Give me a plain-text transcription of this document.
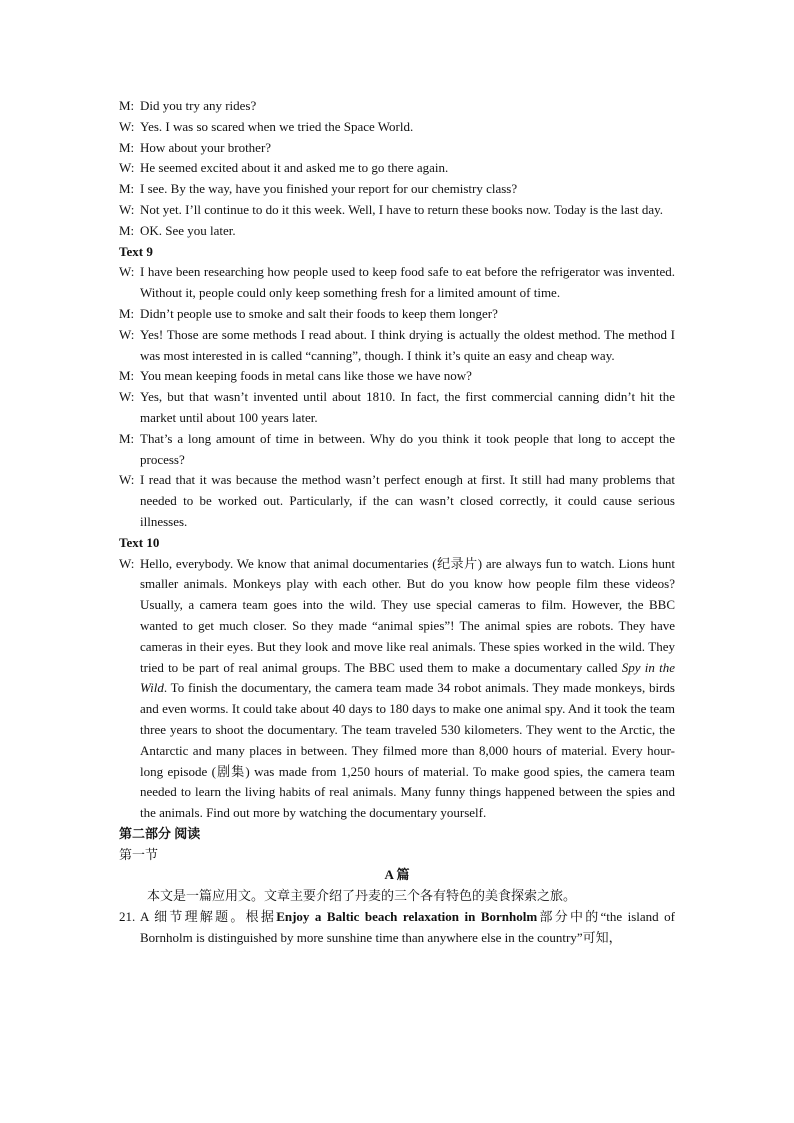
M: Did you try any rides?
W: Yes. I was so scared when we tried the Space World.
M: How about your brother?
W: He seemed excited about it and asked me to go there again.
M: I see. By the way, have you finished your report for our chemistry class?
W: Not yet. I’ll continue to do it this week. Well, I have to return these books now. Today is the last day.
M: OK. See you later.
Text 9
W: I have been researching how people used to keep food safe to eat before the refrigerator was invented. Without it, people could only keep something fresh for a limited amount of time.
M: Didn’t people use to smoke and salt their foods to keep them longer?
W: Yes! Those are some methods I read about. I think drying is actually the oldest method. The method I was most interested in is called “canning”, though. I think it’s quite an easy and cheap way.
M: You mean keeping foods in metal cans like those we have now?
W: Yes, but that wasn’t invented until about 1810. In fact, the first commercial canning didn’t hit the market until about 100 years later.
M: That’s a long amount of time in between. Why do you think it took people that long to accept the process?
W: I read that it was because the method wasn’t perfect enough at first. It still had many problems that needed to be worked out. Particularly, if the can wasn’t closed correctly, it could cause serious illnesses.
Text 10
W: Hello, everybody. We know that animal documentaries (纪录片) are always fun to watch. Lions hunt smaller animals. Monkeys play with each other. But do you know how people film these videos? Usually, a camera team goes into the wild. They use special cameras to film. However, the BBC wanted to get much closer. So they made “animal spies”! The animal spies are robots. They have cameras in their eyes. But they look and move like real animals. These spies worked in the wild. They tried to be part of real animal groups. The BBC used them to make a documentary called Spy in the Wild. To finish the documentary, the camera team made 34 robot animals. They made monkeys, birds and even worms. It could take about 40 days to 180 days to make one animal spy. And it took the team three years to shoot the documentary. The team traveled 530 kilometers. They went to the Arctic, the Antarctic and many places in between. They filmed more than 8,000 hours of material. Every hour-long episode (剧集) was made from 1,250 hours of material. To make good spies, the camera team needed to learn the living habits of real animals. Many funny things happened between the spies and the animals. Find out more by watching the documentary yourself.
第二部分 阅读
第一节
A 篇
本文是一篇应用文。文章主要介绍了丹麦的三个各有特色的美食探索之旅。
21. A 细节理解题。根据Enjoy a Baltic beach relaxation in Bornholm部分中的“the island of Bornholm is distinguished by more sunshine time than anywhere else in the country”可知，
